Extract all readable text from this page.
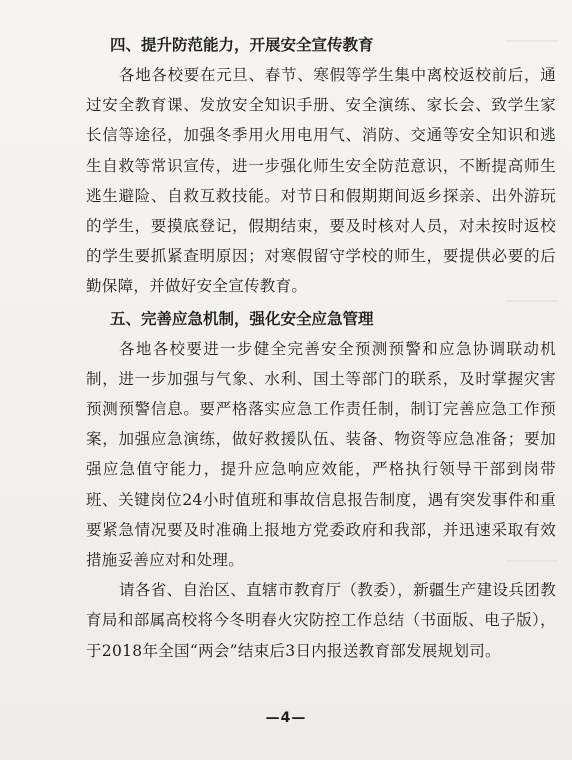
四、提升防范能力，开展安全宣传教育

各地各校要在元旦、春节、寒假等学生集中离校返校前后，通过安全教育课、发放安全知识手册、安全演练、家长会、致学生家长信等途径，加强冬季用火用电用气、消防、交通等安全知识和逃生自救等常识宣传，进一步强化师生安全防范意识，不断提高师生逃生避险、自救互救技能。对节日和假期期间返乡探亲、出外游玩的学生，要摸底登记，假期结束，要及时核对人员，对未按时返校的学生要抓紧查明原因；对寒假留守学校的师生，要提供必要的后勤保障，并做好安全宣传教育。

五、完善应急机制，强化安全应急管理

各地各校要进一步健全完善安全预测预警和应急协调联动机制，进一步加强与气象、水利、国土等部门的联系，及时掌握灾害预测预警信息。要严格落实应急工作责任制，制订完善应急工作预案，加强应急演练，做好救援队伍、装备、物资等应急准备；要加强应急值守能力，提升应急响应效能，严格执行领导干部到岗带班、关键岗位24小时值班和事故信息报告制度，遇有突发事件和重要紧急情况要及时准确上报地方党委政府和我部，并迅速采取有效措施妥善应对和处理。

请各省、自治区、直辖市教育厅（教委），新疆生产建设兵团教育局和部属高校将今冬明春火灾防控工作总结（书面版、电子版），于2018年全国“两会”结束后3日内报送教育部发展规划司。

—4—
